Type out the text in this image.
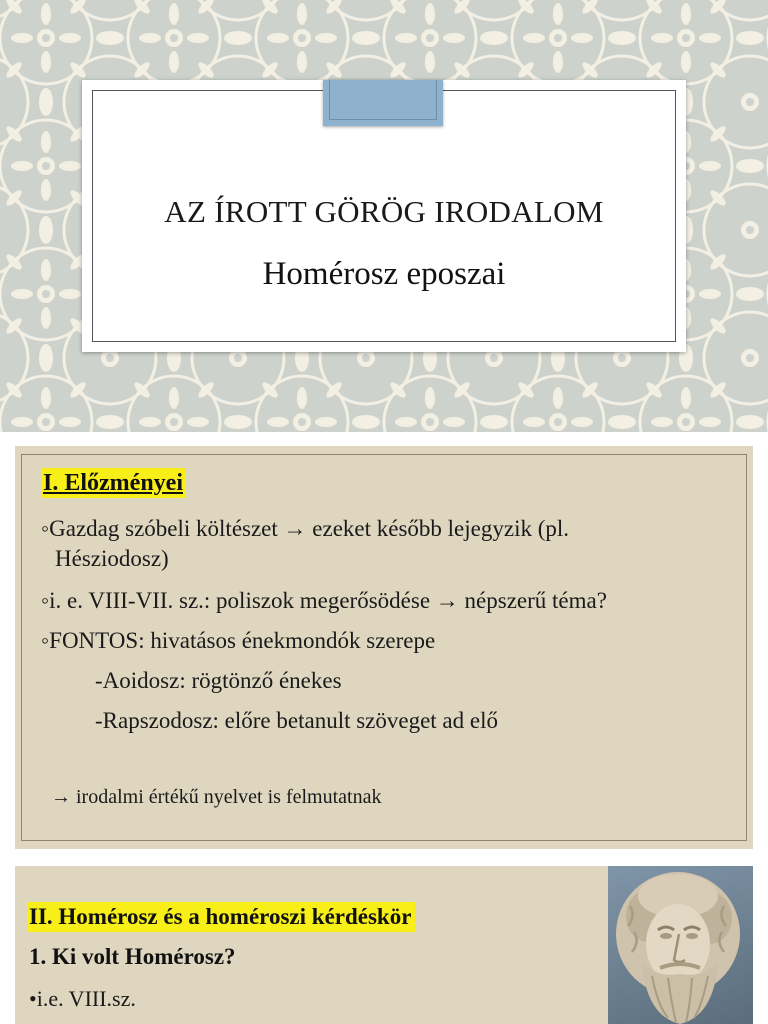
AZ ÍROTT GÖRÖG IRODALOM
Homérosz eposzai
I. Előzményei
◦Gazdag szóbeli költészet → ezeket később lejegyzik (pl.
Hésziodosz)
◦i. e. VIII-VII. sz.: poliszok megerősödése → népszerű téma?
◦FONTOS: hivatásos énekmondók szerepe
-Aoidosz: rögtönző énekes
-Rapszodosz: előre betanult szöveget ad elő
→ irodalmi értékű nyelvet is felmutatnak
II. Homérosz és a homéroszi kérdéskör
1. Ki volt Homérosz?
•i.e. VIII.sz.
